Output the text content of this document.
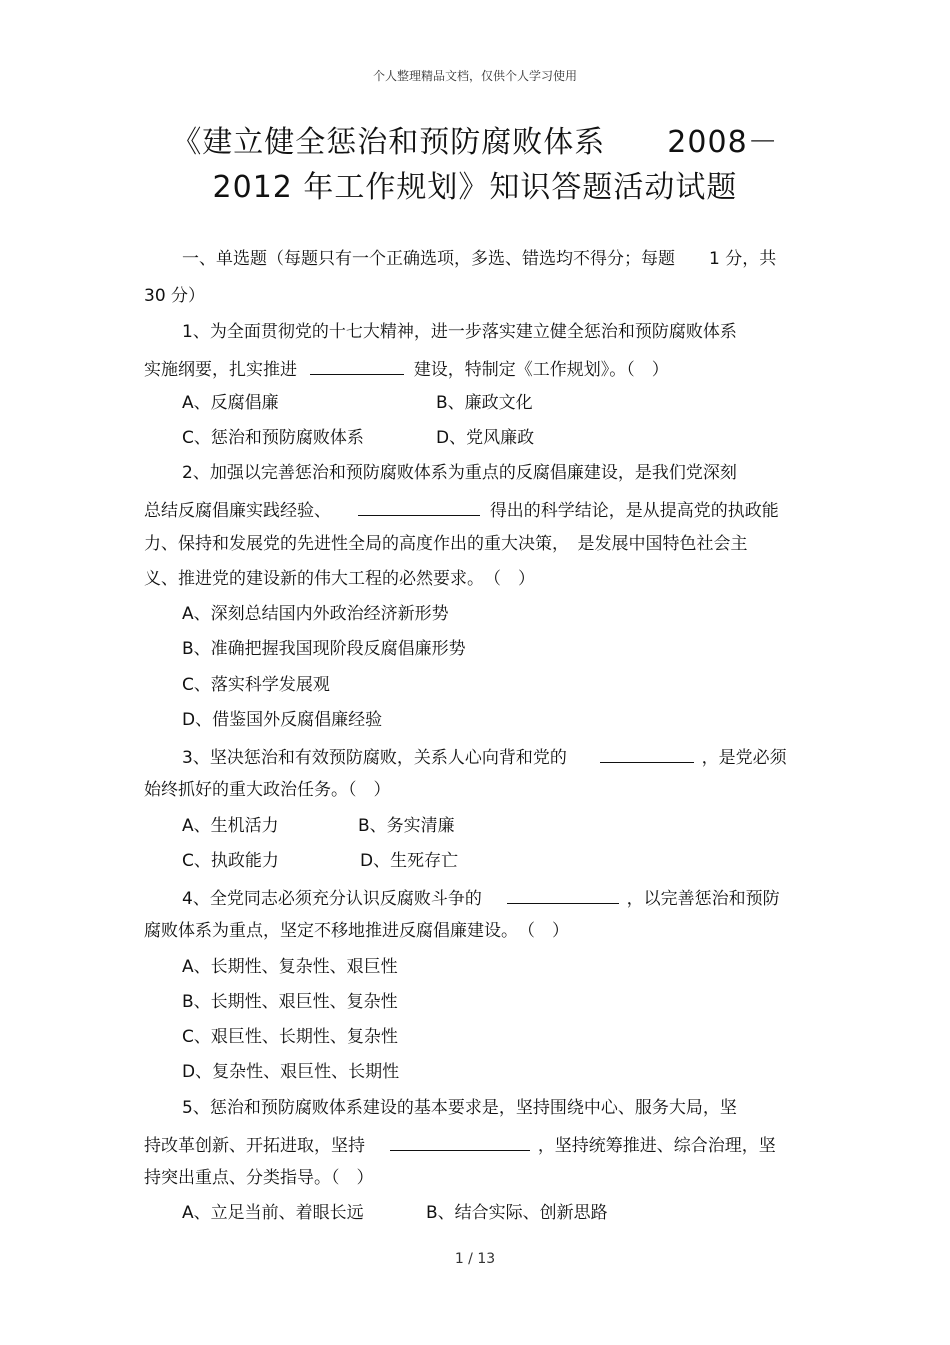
个人整理精品文档，仅供个人学习使用
《建立健全惩治和预防腐败体系　　2008－
2012 年工作规划》知识答题活动试题
一、单选题（每题只有一个正确选项，多选、错选均不得分；每题　　1 分，共
30 分）
1、为全面贯彻党的十七大精神，进一步落实建立健全惩治和预防腐败体系
实施纲要，扎实推进	建设，特制定《工作规划》。（　）
A、反腐倡廉	B、廉政文化
C、惩治和预防腐败体系	D、党风廉政
2、加强以完善惩治和预防腐败体系为重点的反腐倡廉建设，是我们党深刻
总结反腐倡廉实践经验、	得出的科学结论，是从提高党的执政能
力、保持和发展党的先进性全局的高度作出的重大决策，　是发展中国特色社会主
义、推进党的建设新的伟大工程的必然要求。　（　）
A、深刻总结国内外政治经济新形势
B、准确把握我国现阶段反腐倡廉形势
C、落实科学发展观
D、借鉴国外反腐倡廉经验
3、坚决惩治和有效预防腐败，关系人心向背和党的	，是党必须
始终抓好的重大政治任务。（　）
A、生机活力	B、务实清廉
C、执政能力	D、生死存亡
4、全党同志必须充分认识反腐败斗争的	，以完善惩治和预防
腐败体系为重点，坚定不移地推进反腐倡廉建设。　（　）
A、长期性、复杂性、艰巨性
B、长期性、艰巨性、复杂性
C、艰巨性、长期性、复杂性
D、复杂性、艰巨性、长期性
5、惩治和预防腐败体系建设的基本要求是，坚持围绕中心、服务大局，坚
持改革创新、开拓进取，坚持	，坚持统筹推进、综合治理，坚
持突出重点、分类指导。（　）
A、立足当前、着眼长远	B、结合实际、创新思路
1 / 13
